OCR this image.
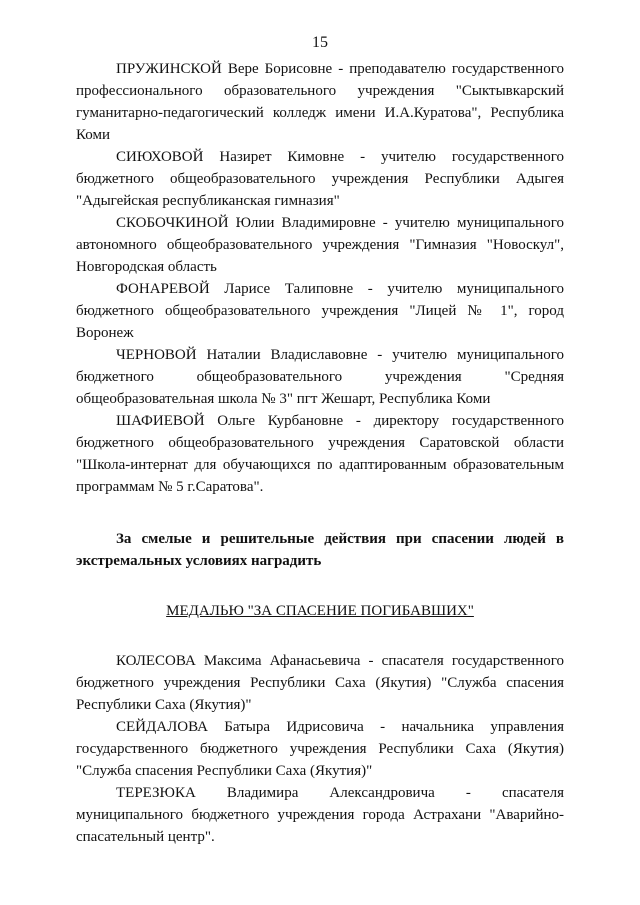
15

ПРУЖИНСКОЙ Вере Борисовне - преподавателю государственного профессионального образовательного учреждения "Сыктывкарский гуманитарно-педагогический колледж имени И.А.Куратова", Республика Коми

СИЮХОВОЙ Назирет Кимовне - учителю государственного бюджетного общеобразовательного учреждения Республики Адыгея "Адыгейская республиканская гимназия"

СКОБОЧКИНОЙ Юлии Владимировне - учителю муниципального автономного общеобразовательного учреждения "Гимназия "Новоскул", Новгородская область

ФОНАРЕВОЙ Ларисе Талиповне - учителю муниципального бюджетного общеобразовательного учреждения "Лицей № 1", город Воронеж

ЧЕРНОВОЙ Наталии Владиславовне - учителю муниципального бюджетного общеобразовательного учреждения "Средняя общеобразовательная школа № 3" пгт Жешарт, Республика Коми

ШАФИЕВОЙ Ольге Курбановне - директору государственного бюджетного общеобразовательного учреждения Саратовской области "Школа-интернат для обучающихся по адаптированным образовательным программам № 5 г.Саратова".

За смелые и решительные действия при спасении людей в экстремальных условиях наградить

МЕДАЛЬЮ "ЗА СПАСЕНИЕ ПОГИБАВШИХ"

КОЛЕСОВА Максима Афанасьевича - спасателя государственного бюджетного учреждения Республики Саха (Якутия) "Служба спасения Республики Саха (Якутия)"

СЕЙДАЛОВА Батыра Идрисовича - начальника управления государственного бюджетного учреждения Республики Саха (Якутия) "Служба спасения Республики Саха (Якутия)"

ТЕРЕЗЮКА Владимира Александровича - спасателя муниципального бюджетного учреждения города Астрахани "Аварийно-спасательный центр".
